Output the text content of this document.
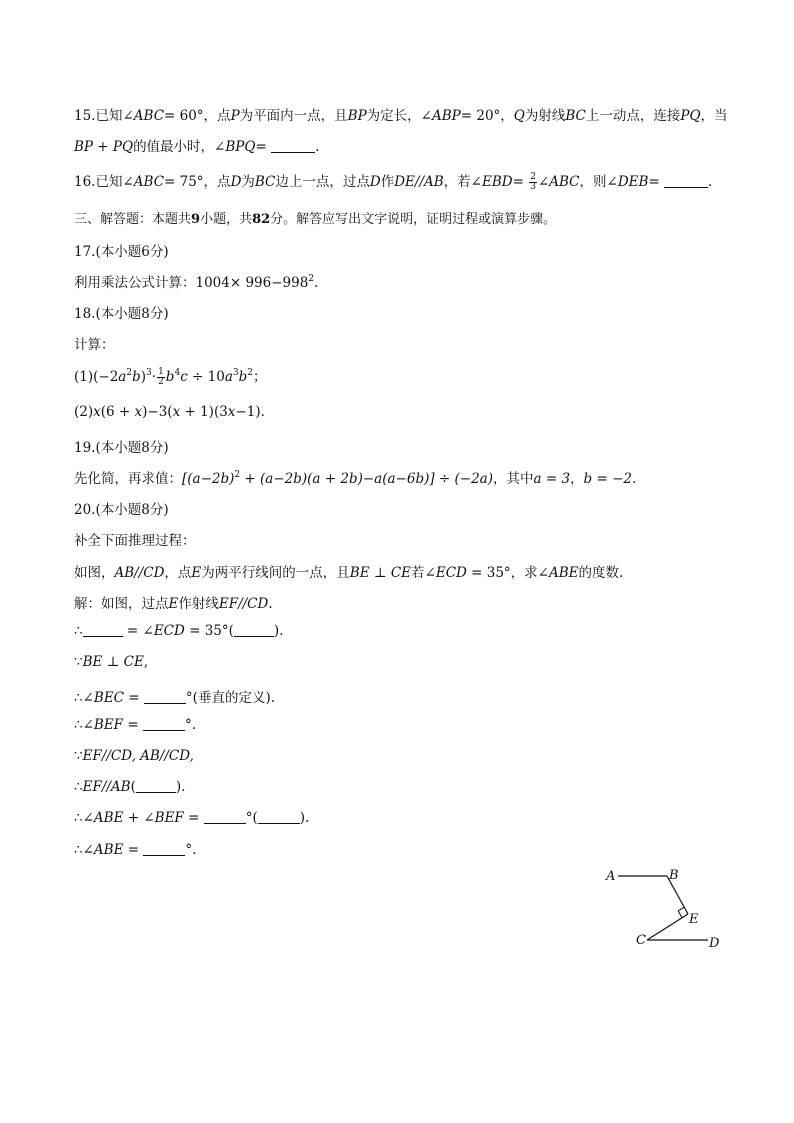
15.已知∠ABC= 60°，点P为平面内一点，且BP为定长，∠ABP= 20°，Q为射线BC上一动点，连接PQ，当
BP + PQ的值最小时，∠BPQ=	.
16.已知∠ABC= 75°，点D为BC边上一点，过点D作DE//AB，若∠EBD= $\frac{2}{3}$ ∠ABC，则∠DEB=	.
三、解答题：本题共9小题，共82分。解答应写出文字说明，证明过程或演算步骤。
17.(本小题6分)
利用乘法公式计算：$1004\times 996-998^2$.
18.(本小题8分)
计算：
$(1)(-2a^2b)^3\cdot \frac{1}{2} b^4c \div 10a^3b^2$；
(2)x(6 + x)−3(x + 1)(3x−1).
19.(本小题8分)
先化简，再求值：$[(a-2b)^2 + (a-2b)(a + 2b)-a(a-6b)] \div (-2a)$，其中a = 3，b = −2.
20.(本小题8分)
补全下面推理过程：
如图，AB//CD，点E为两平行线间的一点，且BE ⊥ CE若∠ECD = 35°，求∠ABE的度数.
解：如图，过点E作射线EF//CD.
∴	= ∠ECD = 35°(	).
∵BE ⊥ CE,
∴∠BEC =	°(垂直的定义).
∴∠BEF =	°.
∵EF//CD, AB//CD,
∴EF//AB(	).
∴∠ABE + ∠BEF =	°(	).
∴∠ABE =	°.
A	B
E
C	D
